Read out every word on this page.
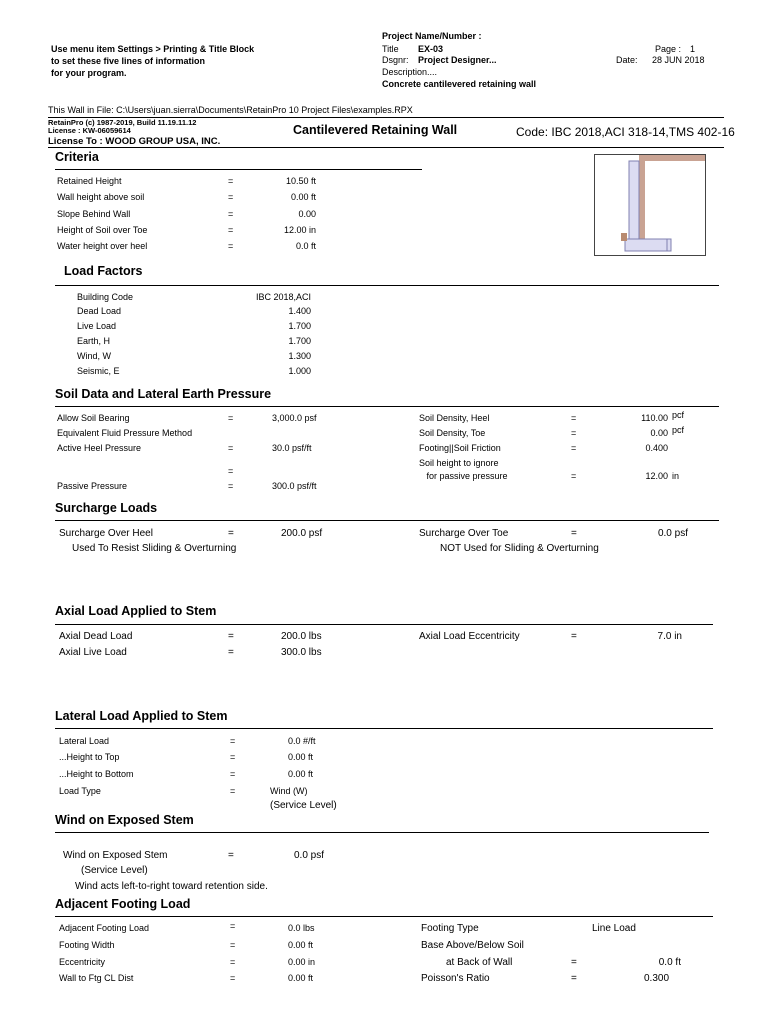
Use menu item Settings > Printing & Title Block
to set these five lines of information
for your program.
Project Name/Number :
Title EX-03
Dsgnr: Project Designer...
Description....
Concrete cantilevered retaining wall
Page : 1
Date: 28 JUN 2018
This Wall in File: C:\Users\juan.sierra\Documents\RetainPro 10 Project Files\examples.RPX
RetainPro (c) 1987-2019, Build 11.19.11.12
License : KW-06059614
License To : WOOD GROUP USA, INC.
Cantilevered Retaining Wall	Code: IBC 2018,ACI 318-14,TMS 402-16
Criteria
Retained Height	=	10.50 ft
Wall height above soil	=	0.00 ft
Slope Behind Wall	=	0.00
Height of Soil over Toe	=	12.00 in
Water height over heel	=	0.0 ft
Load Factors
Building Code	IBC 2018,ACI
Dead Load	1.400
Live Load	1.700
Earth, H	1.700
Wind, W	1.300
Seismic, E	1.000
Soil Data and Lateral Earth Pressure
Allow Soil Bearing	=	3,000.0 psf
Equivalent Fluid Pressure Method
Active Heel Pressure	=	30.0 psf/ft
=
Passive Pressure	=	300.0 psf/ft
Soil Density, Heel	=	110.00 pcf
Soil Density, Toe	=	0.00 pcf
Footing||Soil Friction	=	0.400
Soil height to ignore
for passive pressure	=	12.00 in
Surcharge Loads
Surcharge Over Heel	=	200.0 psf
Used To Resist Sliding & Overturning
Surcharge Over Toe	=	0.0 psf
NOT Used for Sliding & Overturning
Axial Load Applied to Stem
Axial Dead Load	=	200.0 lbs
Axial Live Load	=	300.0 lbs
Axial Load Eccentricity	=	7.0 in
Lateral Load Applied to Stem
Lateral Load	=	0.0 #/ft
...Height to Top	=	0.00 ft
...Height to Bottom	=	0.00 ft
Load Type	=	Wind (W)
(Service Level)
Wind on Exposed Stem
Wind on Exposed Stem	=	0.0 psf
(Service Level)
Wind acts left-to-right toward retention side.
Adjacent Footing Load
Adjacent Footing Load	=	0.0 lbs
Footing Width	=	0.00 ft
Eccentricity	=	0.00 in
Wall to Ftg CL Dist	=	0.00 ft
Footing Type	Line Load
Base Above/Below Soil
at Back of Wall	=	0.0 ft
Poisson's Ratio	=	0.300
